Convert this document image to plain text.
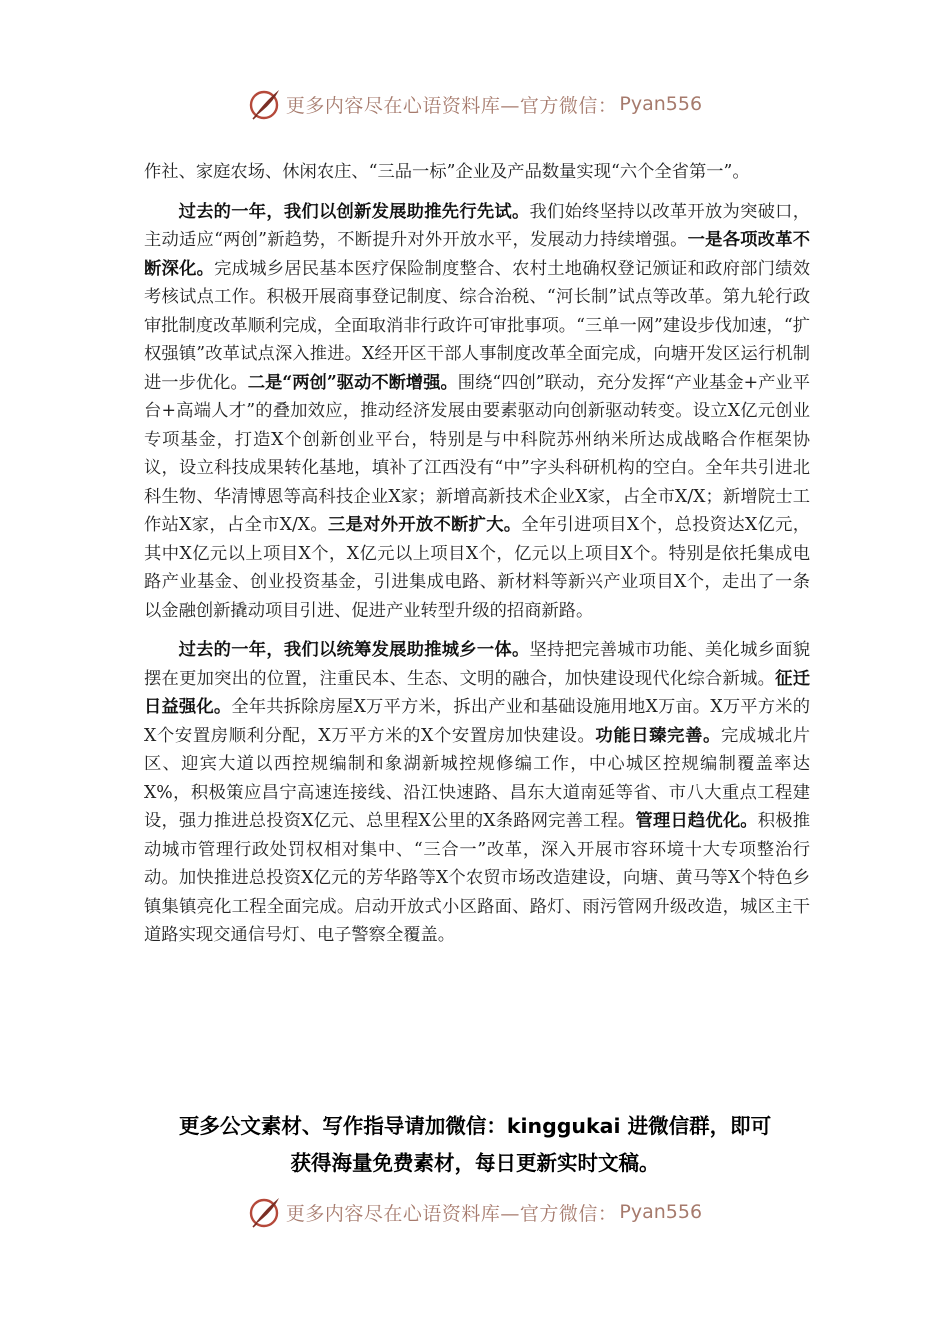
更多内容尽在心语资料库—官方微信： Pyan556

作社、家庭农场、休闲农庄、“三品一标”企业及产品数量实现“六个全省第一”。

过去的一年，我们以创新发展助推先行先试。我们始终坚持以改革开放为突破口，主动适应“两创”新趋势，不断提升对外开放水平，发展动力持续增强。一是各项改革不断深化。完成城乡居民基本医疗保险制度整合、农村土地确权登记颁证和政府部门绩效考核试点工作。积极开展商事登记制度、综合治税、“河长制”试点等改革。第九轮行政审批制度改革顺利完成，全面取消非行政许可审批事项。“三单一网”建设步伐加速，“扩权强镇”改革试点深入推进。X经开区干部人事制度改革全面完成，向塘开发区运行机制进一步优化。二是“两创”驱动不断增强。围绕“四创”联动，充分发挥“产业基金+产业平台+高端人才”的叠加效应，推动经济发展由要素驱动向创新驱动转变。设立X亿元创业专项基金，打造X个创新创业平台，特别是与中科院苏州纳米所达成战略合作框架协议，设立科技成果转化基地，填补了江西没有“中”字头科研机构的空白。全年共引进北科生物、华清博恩等高科技企业X家；新增高新技术企业X家，占全市X/X；新增院士工作站X家，占全市X/X。三是对外开放不断扩大。全年引进项目X个，总投资达X亿元，其中X亿元以上项目X个，X亿元以上项目X个，亿元以上项目X个。特别是依托集成电路产业基金、创业投资基金，引进集成电路、新材料等新兴产业项目X个，走出了一条以金融创新撬动项目引进、促进产业转型升级的招商新路。

过去的一年，我们以统筹发展助推城乡一体。坚持把完善城市功能、美化城乡面貌摆在更加突出的位置，注重民本、生态、文明的融合，加快建设现代化综合新城。征迁日益强化。全年共拆除房屋X万平方米，拆出产业和基础设施用地X万亩。X万平方米的X个安置房顺利分配，X万平方米的X个安置房加快建设。功能日臻完善。完成城北片区、迎宾大道以西控规编制和象湖新城控规修编工作，中心城区控规编制覆盖率达X%，积极策应昌宁高速连接线、沿江快速路、昌东大道南延等省、市八大重点工程建设，强力推进总投资X亿元、总里程X公里的X条路网完善工程。管理日趋优化。积极推动城市管理行政处罚权相对集中、“三合一”改革，深入开展市容环境十大专项整治行动。加快推进总投资X亿元的芳华路等X个农贸市场改造建设，向塘、黄马等X个特色乡镇集镇亮化工程全面完成。启动开放式小区路面、路灯、雨污管网升级改造，城区主干道路实现交通信号灯、电子警察全覆盖。

更多公文素材、写作指导请加微信：kinggukai 进微信群，即可
获得海量免费素材，每日更新实时文稿。
更多内容尽在心语资料库—官方微信： Pyan556
